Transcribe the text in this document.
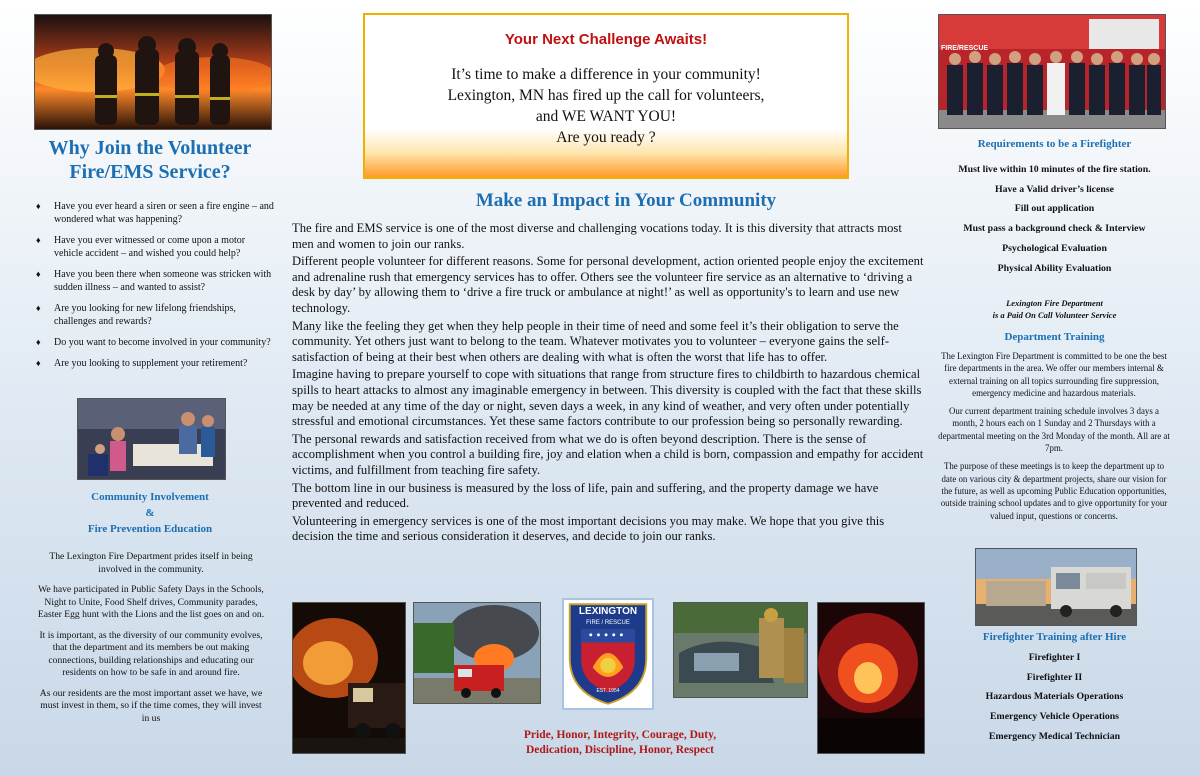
Why Join the Volunteer
Fire/EMS Service?
♦ Have you ever heard a siren or seen a fire engine – and wondered what was happening?
♦ Have you ever witnessed or come upon a motor vehicle accident – and wished you could help?
♦ Have you been there when someone was stricken with sudden illness – and wanted to assist?
♦ Are you looking for new lifelong friendships, challenges and rewards?
♦ Do you want to become involved in your community?
♦ Are you looking to supplement your retirement?
Community Involvement
&
Fire Prevention Education

The Lexington Fire Department prides itself in being involved in the community.

We have participated in Public Safety Days in the Schools, Night to Unite, Food Shelf drives, Community parades, Easter Egg hunt with the Lions and the list goes on and on.

It is important, as the diversity of our community evolves, that the department and its members be out making connections, building relationships and educating our residents on how to be safe in and around fire.

As our residents are the most important asset we have, we must invest in them, so if the time comes, they will invest in us

Your Next Challenge Awaits!
It’s time to make a difference in your community!
Lexington, MN has fired up the call for volunteers,
and WE WANT YOU!
Are you ready ?
Make an Impact in Your Community

The fire and EMS service is one of the most diverse and challenging vocations today. It is this diversity that attracts most men and women to join our ranks.

Different people volunteer for different reasons. Some for personal development, action oriented people enjoy the excitement and adrenaline rush that emergency services has to offer. Others see the volunteer fire service as an alternative to ‘driving a desk by day’ by allowing them to ‘drive a fire truck or ambulance at night!’ as well as opportunity's to learn and use new technology.

Many like the feeling they get when they help people in their time of need and some feel it’s their obligation to serve the community. Yet others just want to belong to the team. Whatever motivates you to volunteer – everyone gains the self-satisfaction of being at their best when others are dealing with what is often the worst that life has to offer.

Imagine having to prepare yourself to cope with situations that range from structure fires to childbirth to hazardous chemical spills to heart attacks to almost any imaginable emergency in between. This diversity is coupled with the fact that these skills may be needed at any time of the day or night, seven days a week, in any kind of weather, and very often under potentially stressful and emotional circumstances. Yet these same factors contribute to our profession being so personally rewarding.

The personal rewards and satisfaction received from what we do is often beyond description. There is the sense of accomplishment when you control a building fire, joy and elation when a child is born, compassion and empathy for accident victims, and fulfillment from teaching fire safety.

The bottom line in our business is measured by the loss of life, pain and suffering, and the property damage we have prevented and reduced.

Volunteering in emergency services is one of the most important decisions you may make. We hope that you give this decision the time and serious consideration it deserves, and decide to join our ranks.

LEXINGTON
FIRE / RESCUE
EST. 1954
Pride, Honor, Integrity, Courage, Duty,
Dedication, Discipline, Honor, Respect
FIRE/RESCUE
Requirements to be a Firefighter
Must live within 10 minutes of the fire station.
Have a Valid driver’s license
Fill out application
Must pass a background check & Interview
Psychological Evaluation
Physical Ability Evaluation
Lexington Fire Department
is a Paid On Call Volunteer Service
Department Training

The Lexington Fire Department is committed to be one the best fire departments in the area. We offer our members internal & external training on all topics surrounding fire suppression, emergency medicine and hazardous materials.

Our current department training schedule involves 3 days a month, 2 hours each on 1 Sunday and 2 Thursdays with a departmental meeting on the 3rd Monday of the month. All are at 7pm.

The purpose of these meetings is to keep the department up to date on various city & department projects, share our vision for the future, as well as upcoming Public Education opportunities, outside training school updates and to give opportunity for your valued input, questions or concerns.

Firefighter Training after Hire
Firefighter I
Firefighter II
Hazardous Materials Operations
Emergency Vehicle Operations
Emergency Medical Technician
